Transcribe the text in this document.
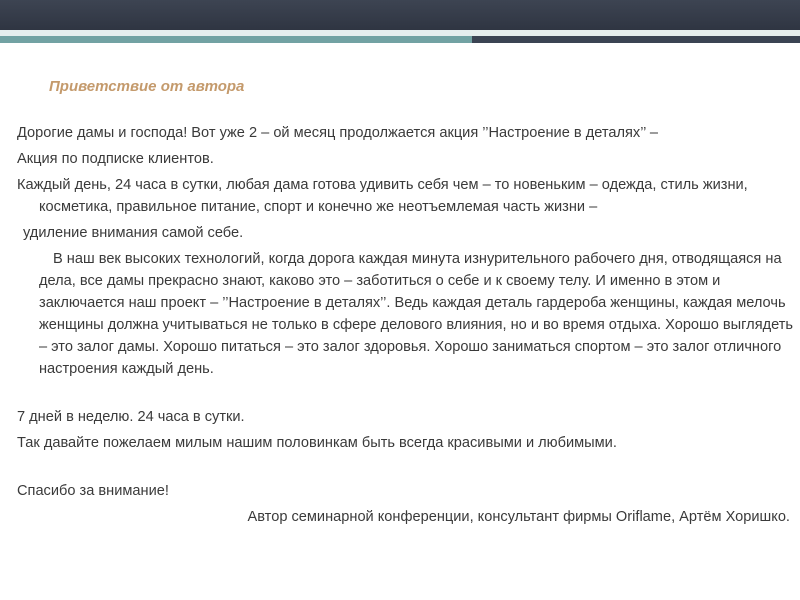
Приветствие от автора

Дорогие дамы и господа! Вот уже 2 – ой месяц продолжается акция ’’Настроение в деталях’’ –

Акция по подписке клиентов.

Каждый день, 24 часа в сутки, любая дама готова удивить себя чем – то новеньким – одежда, стиль жизни, косметика, правильное питание, спорт и конечно же неотъемлемая часть жизни –

удиление внимания самой себе.

В наш век высоких технологий, когда дорога каждая минута изнурительного рабочего дня, отводящаяся на дела, все дамы прекрасно знают, каково это – заботиться о себе и к своему телу. И именно в этом и заключается наш проект – ’’Настроение в деталях’’. Ведь каждая деталь гардероба женщины, каждая мелочь женщины должна учитываться не только в сфере делового влияния, но и во время отдыха. Хорошо выглядеть – это залог дамы. Хорошо питаться – это залог здоровья. Хорошо заниматься спортом – это залог отличного настроения каждый день.

7 дней в неделю. 24 часа в сутки.

Так давайте пожелаем милым нашим половинкам быть всегда красивыми и любимыми.

Спасибо за внимание!

Автор семинарной конференции, консультант фирмы Oriflame, Артём Хоришко.
